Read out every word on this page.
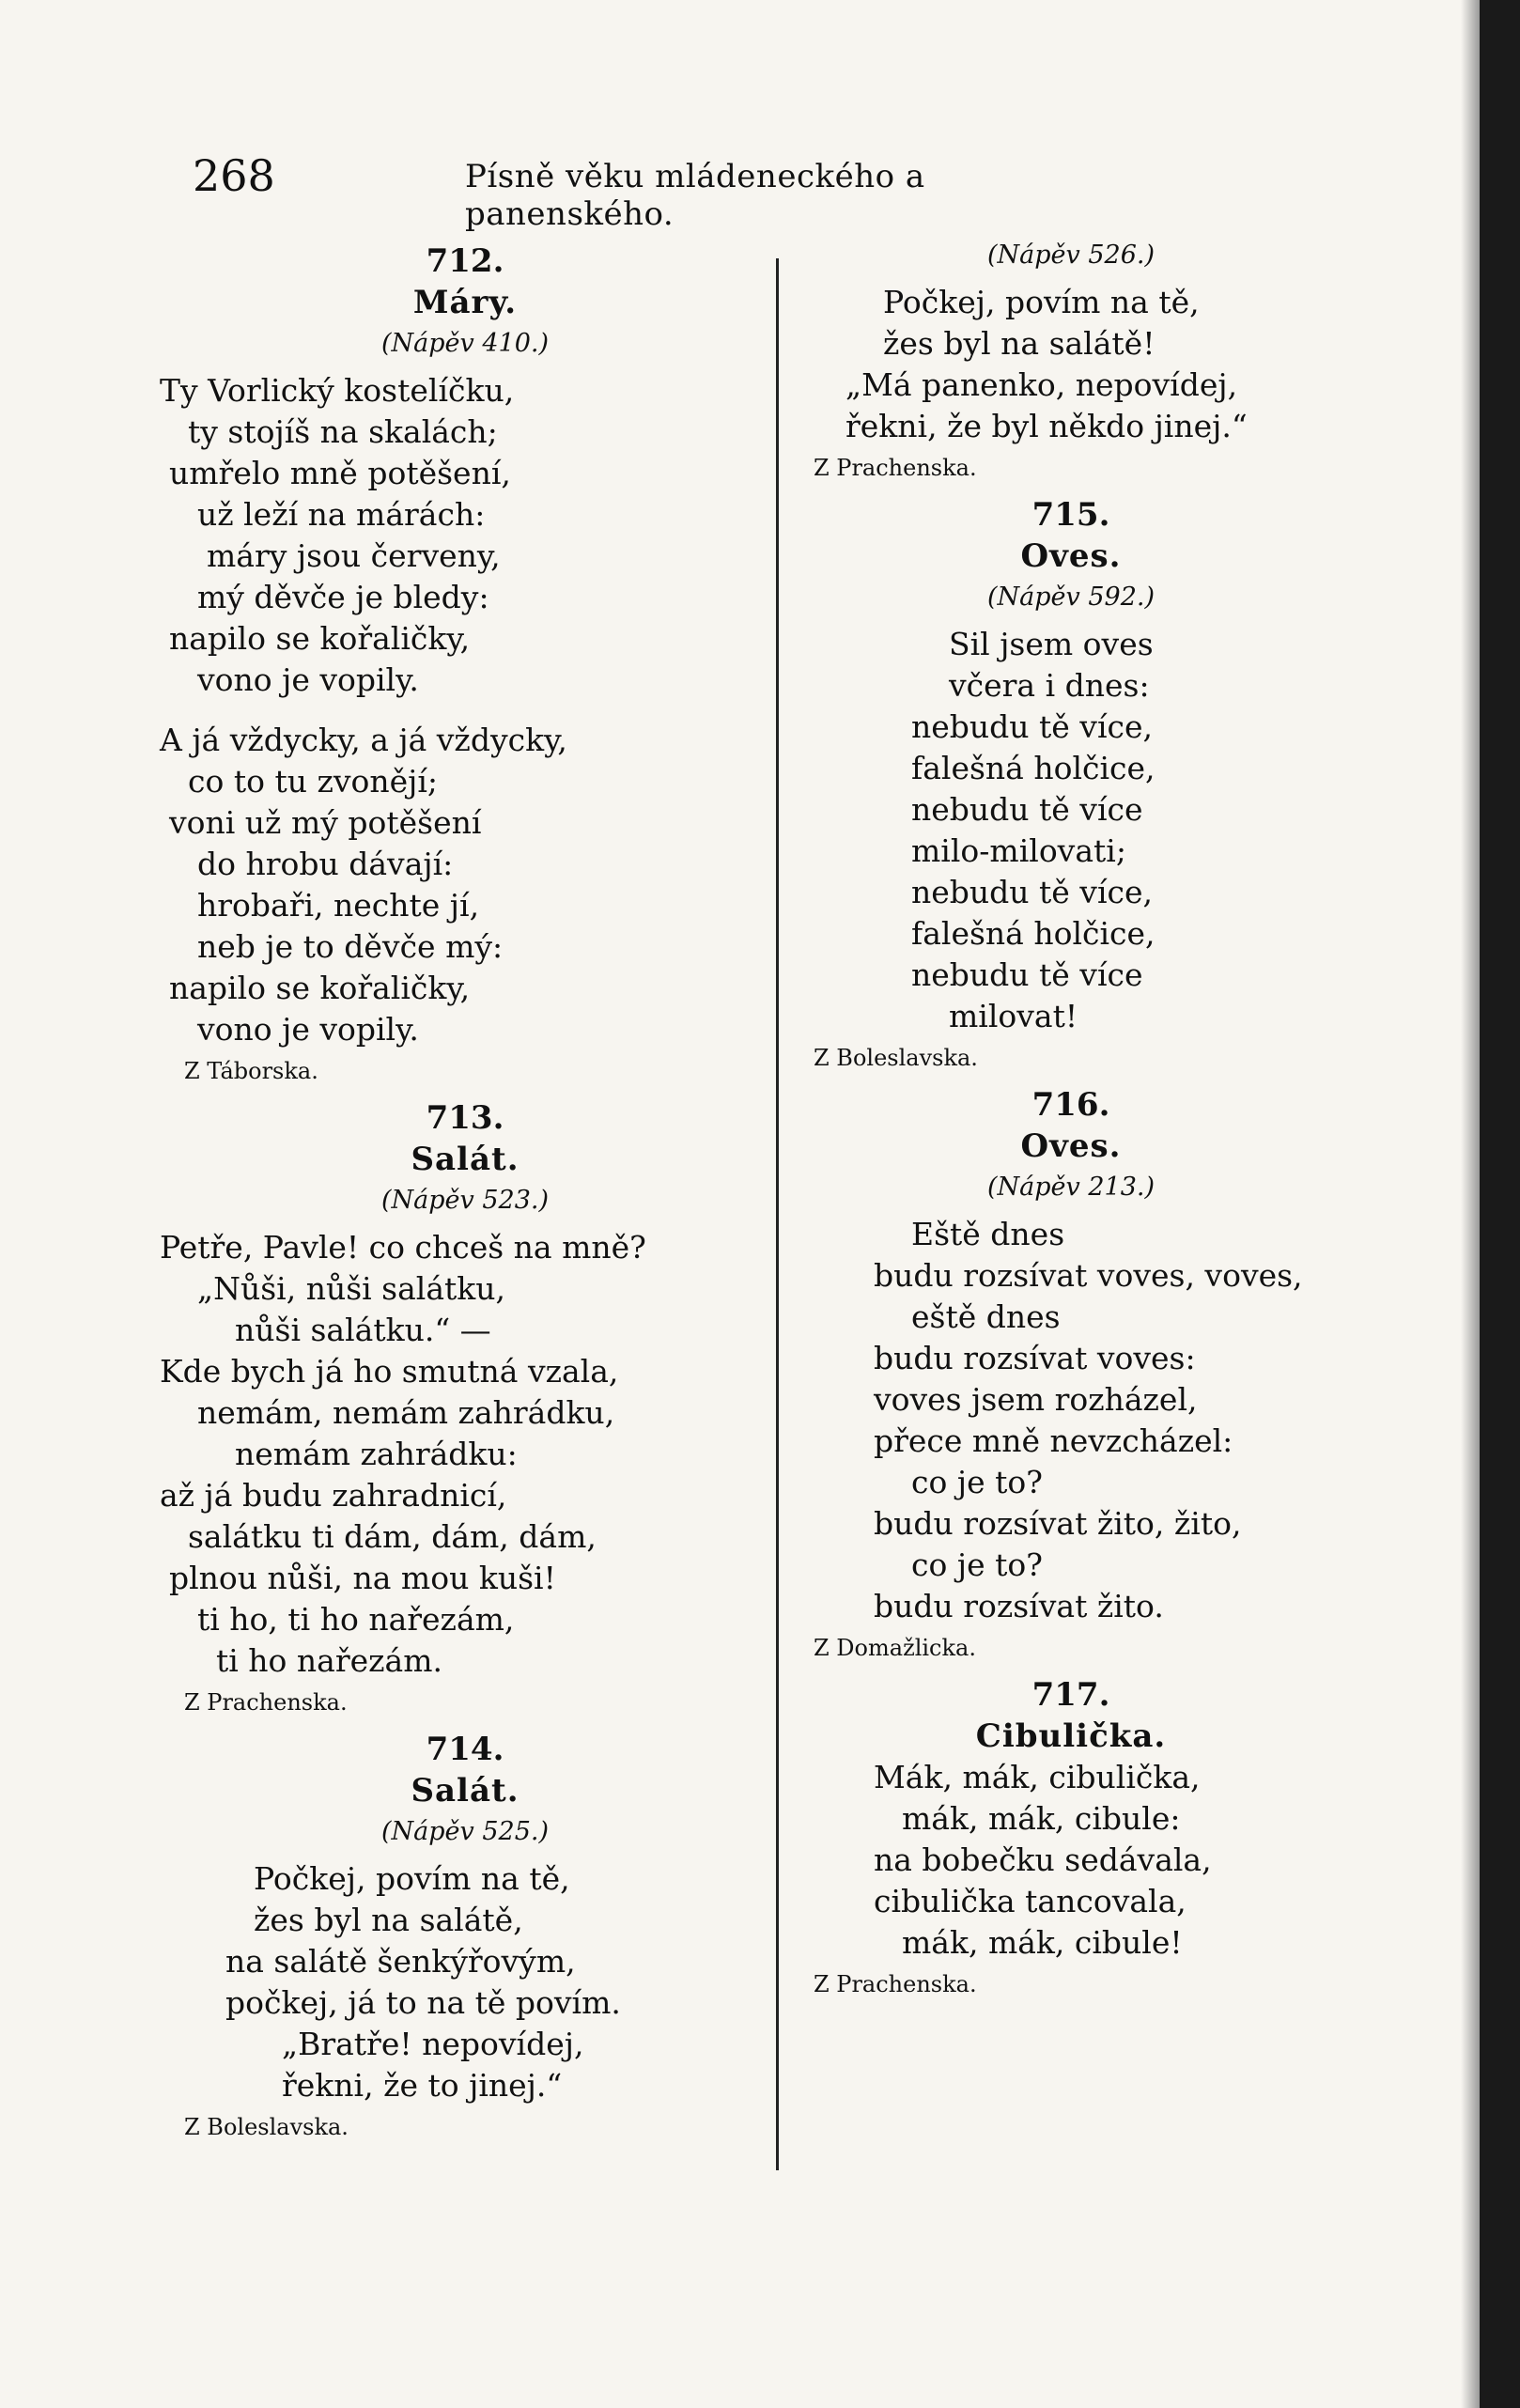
268	Písně věku mládeneckého a panenského.
712.
Máry.
(Nápěv 410.)
Ty Vorlický kostelíčku,
ty stojíš na skalách;
umřelo mně potěšení,
už leží na márách:
máry jsou červeny,
mý děvče je bledy:
napilo se kořaličky,
vono je vopily.
A já vždycky, a já vždycky,
co to tu zvonějí;
voni už mý potěšení
do hrobu dávají:
hrobaři, nechte jí,
neb je to děvče mý:
napilo se kořaličky,
vono je vopily.
Z Táborska.
713.
Salát.
(Nápěv 523.)
Petře, Pavle! co chceš na mně?
„Nůši, nůši salátku,
nůši salátku.“ —
Kde bych já ho smutná vzala,
nemám, nemám zahrádku,
nemám zahrádku:
až já budu zahradnicí,
salátku ti dám, dám, dám,
plnou nůši, na mou kuši!
ti ho, ti ho nařezám,
ti ho nařezám.
Z Prachenska.
714.
Salát.
(Nápěv 525.)
Počkej, povím na tě,
žes byl na salátě,
na salátě šenkýřovým,
počkej, já to na tě povím.
„Bratře! nepovídej,
řekni, že to jinej.“
Z Boleslavska.
(Nápěv 526.)
Počkej, povím na tě,
žes byl na salátě!
„Má panenko, nepovídej,
řekni, že byl někdo jinej.“
Z Prachenska.
715.
Oves.
(Nápěv 592.)
Sil jsem oves
včera i dnes:
nebudu tě více,
falešná holčice,
nebudu tě více
milo-milovati;
nebudu tě více,
falešná holčice,
nebudu tě více
milovat!
Z Boleslavska.
716.
Oves.
(Nápěv 213.)
Eště dnes
budu rozsívat voves, voves,
eště dnes
budu rozsívat voves:
voves jsem rozházel,
přece mně nevzcházel:
co je to?
budu rozsívat žito, žito,
co je to?
budu rozsívat žito.
Z Domažlicka.
717.
Cibulička.
Mák, mák, cibulička,
mák, mák, cibule:
na bobečku sedávala,
cibulička tancovala,
mák, mák, cibule!
Z Prachenska.
